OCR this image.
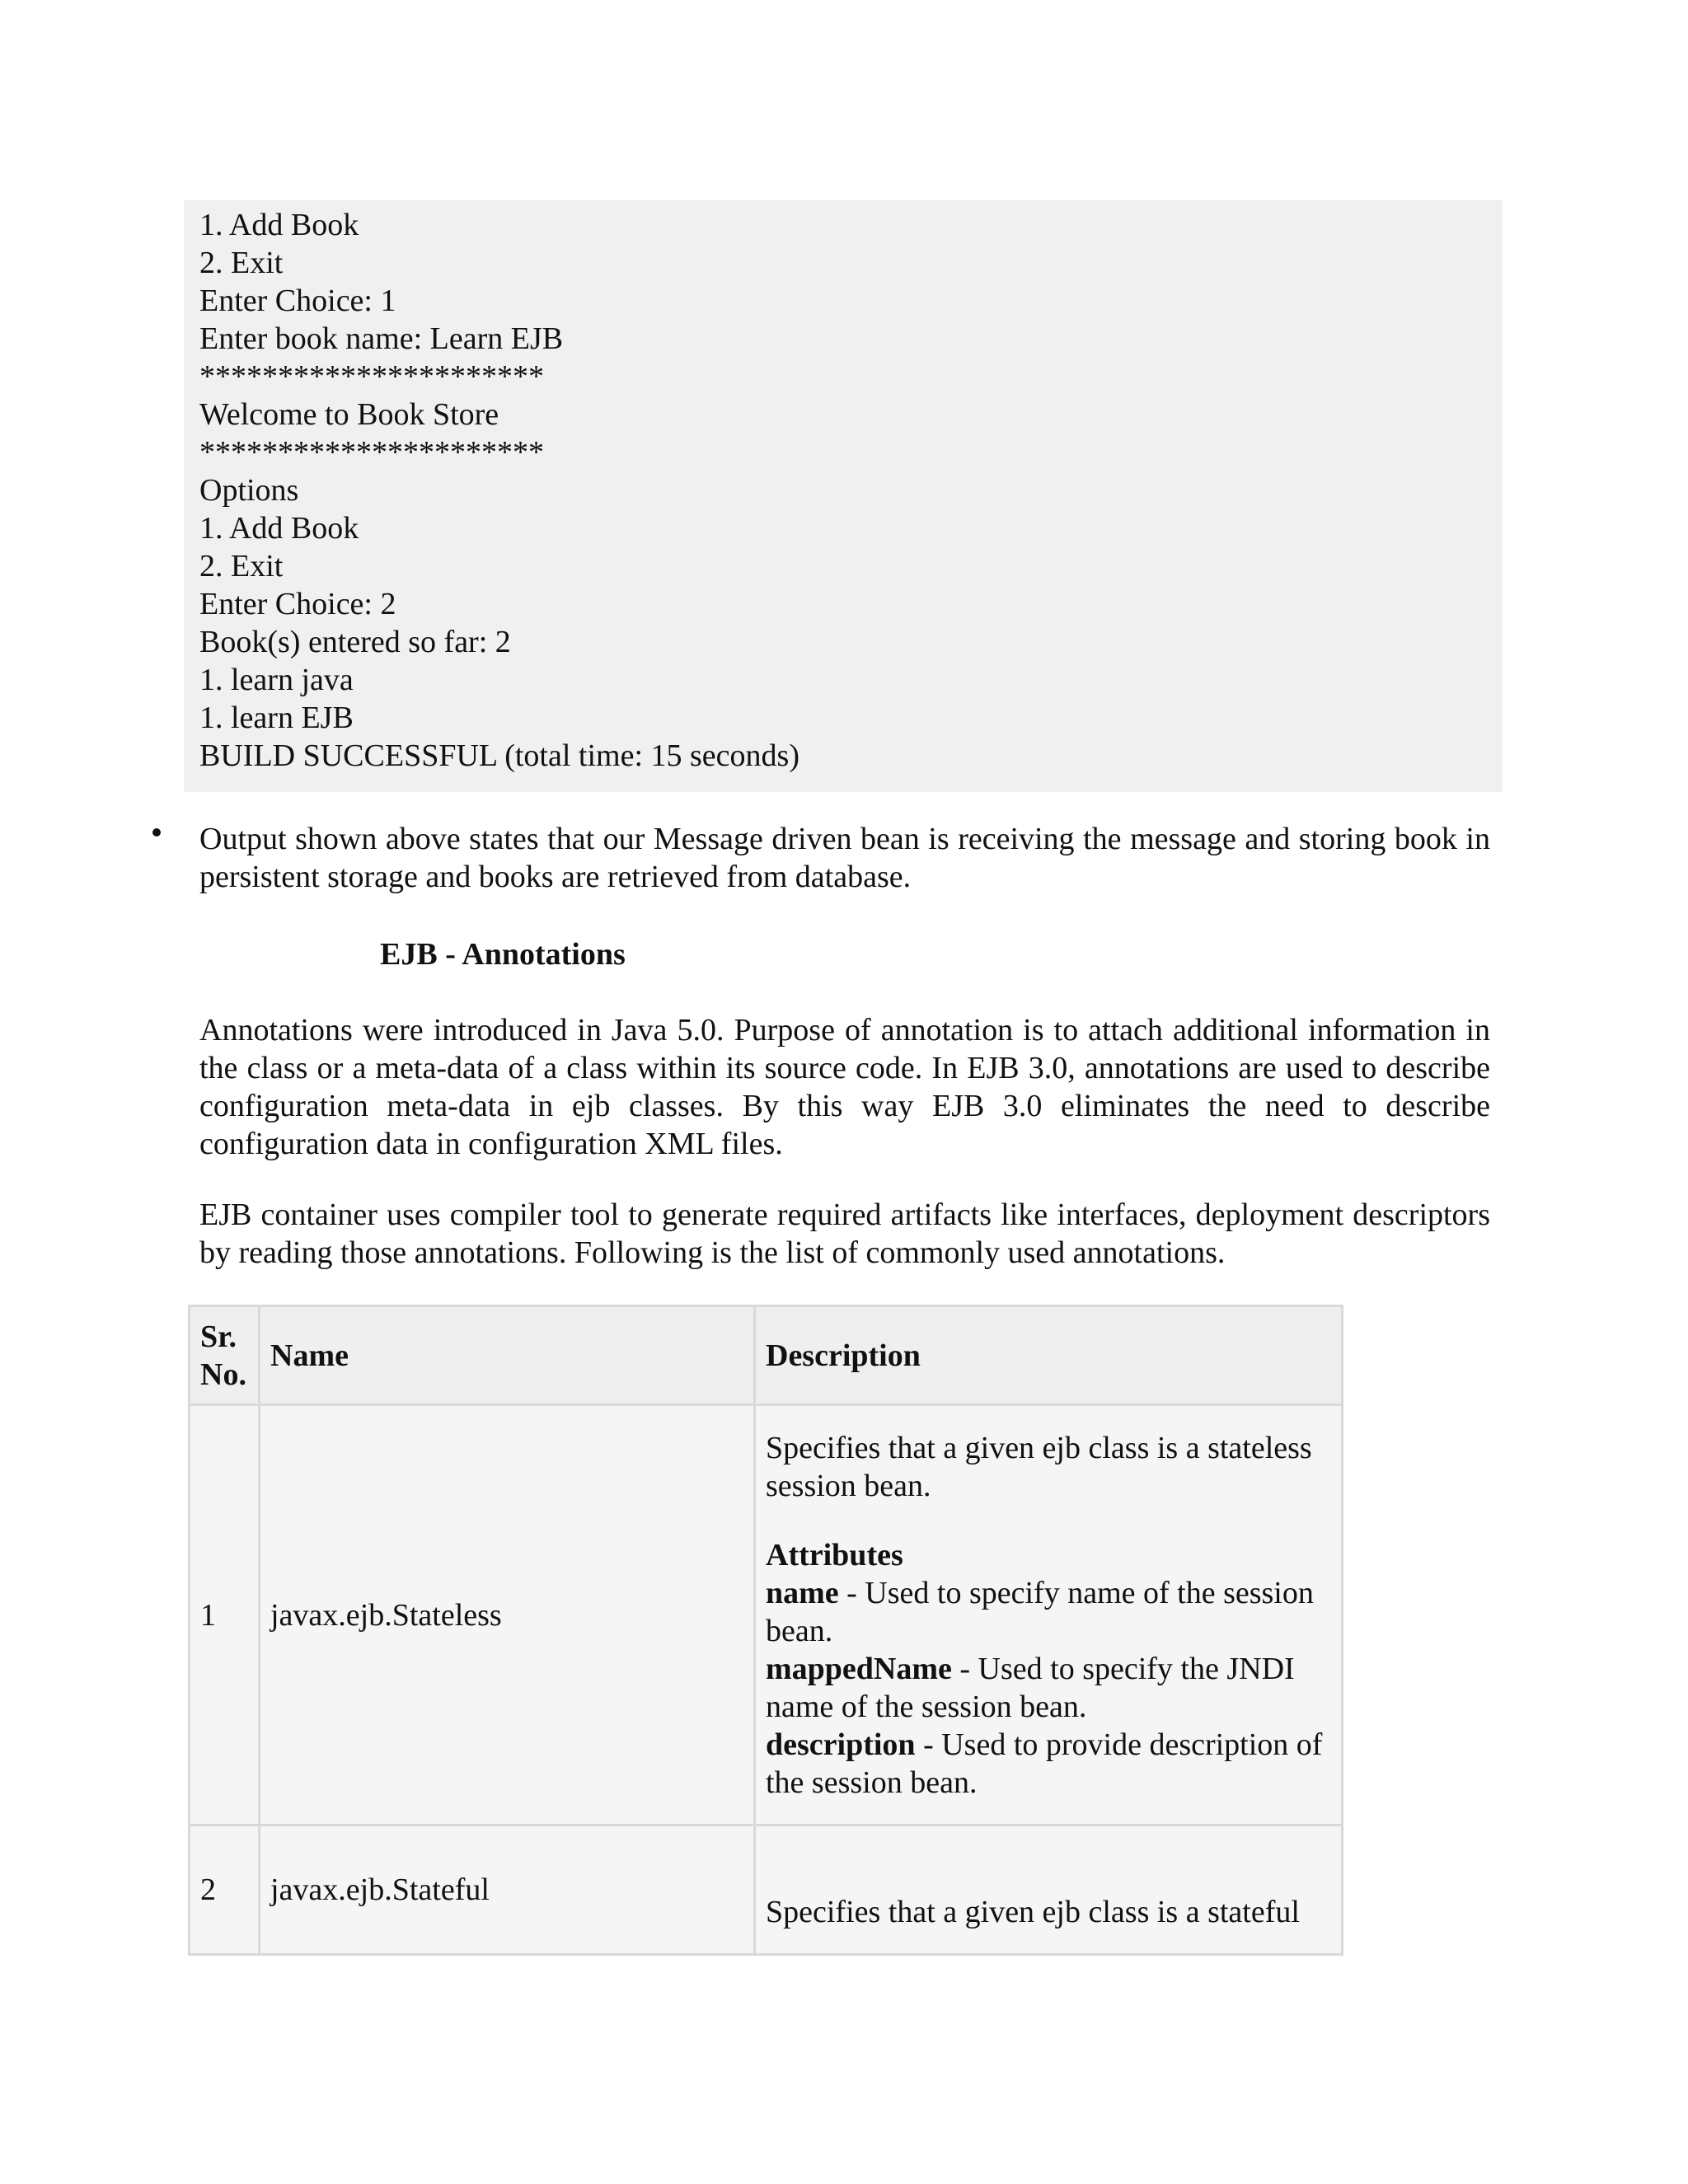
1. Add Book
2. Exit
Enter Choice: 1
Enter book name: Learn EJB
**********************
Welcome to Book Store
**********************
Options
1. Add Book
2. Exit
Enter Choice: 2
Book(s) entered so far: 2
1. learn java
1. learn EJB
BUILD SUCCESSFUL (total time: 15 seconds)
Output shown above states that our Message driven bean is receiving the message and storing book in persistent storage and books are retrieved from database.
EJB - Annotations
Annotations were introduced in Java 5.0. Purpose of annotation is to attach additional information in the class or a meta-data of a class within its source code. In EJB 3.0, annotations are used to describe configuration meta-data in ejb classes. By this way EJB 3.0 eliminates the need to describe configuration data in configuration XML files.
EJB container uses compiler tool to generate required artifacts like interfaces, deployment descriptors by reading those annotations. Following is the list of commonly used annotations.
Sr. No.	Name	Description
1	javax.ejb.Stateless	Specifies that a given ejb class is a stateless session bean.
Attributes
name - Used to specify name of the session bean.
mappedName - Used to specify the JNDI name of the session bean.
description - Used to provide description of the session bean.

2	javax.ejb.Stateful	Specifies that a given ejb class is a stateful
